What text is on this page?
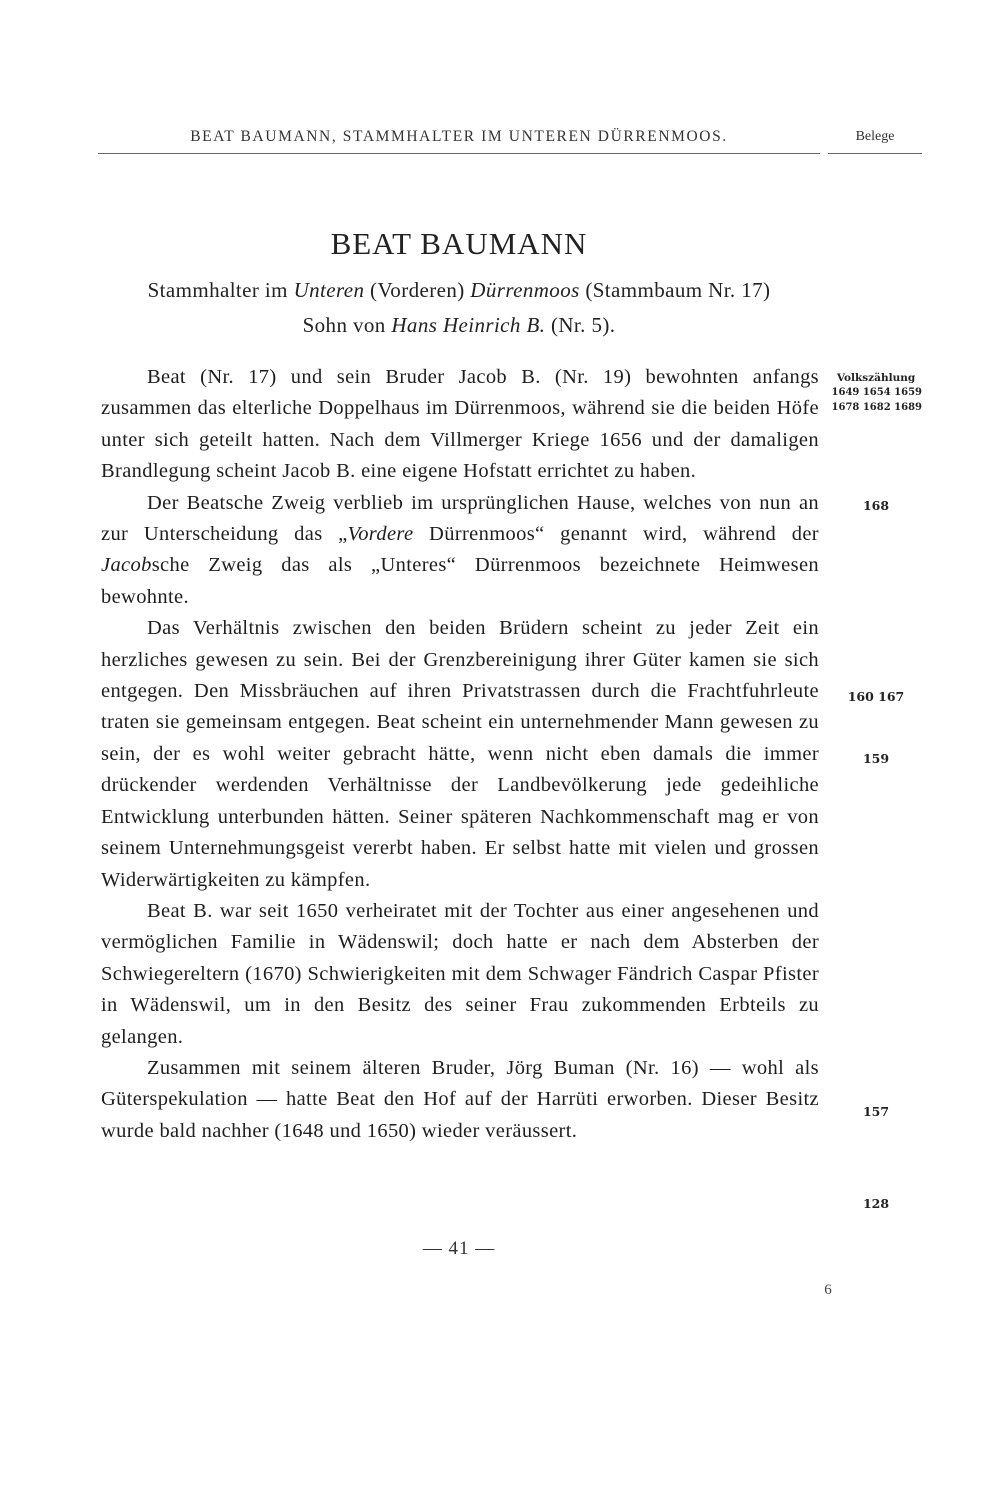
BEAT BAUMANN, STAMMHALTER IM UNTEREN DÜRRENMOOS.	Belege
BEAT BAUMANN
Stammhalter im Unteren (Vorderen) Dürrenmoos (Stammbaum Nr. 17)
Sohn von Hans Heinrich B. (Nr. 5).

Beat (Nr. 17) und sein Bruder Jacob B. (Nr. 19) bewohnten anfangs zusammen das elterliche Doppelhaus im Dürrenmoos, während sie die beiden Höfe unter sich geteilt hatten. Nach dem Villmerger Kriege 1656 und der damaligen Brandlegung scheint Jacob B. eine eigene Hofstatt errichtet zu haben.

Der Beatsche Zweig verblieb im ursprünglichen Hause, welches von nun an zur Unterscheidung das „Vordere Dürrenmoos“ genannt wird, während der Jacobsche Zweig das als „Unteres“ Dürrenmoos bezeichnete Heimwesen bewohnte.

Das Verhältnis zwischen den beiden Brüdern scheint zu jeder Zeit ein herzliches gewesen zu sein. Bei der Grenzbereinigung ihrer Güter kamen sie sich entgegen. Den Missbräuchen auf ihren Privatstrassen durch die Frachtfuhrleute traten sie gemeinsam entgegen. Beat scheint ein unternehmender Mann gewesen zu sein, der es wohl weiter gebracht hätte, wenn nicht eben damals die immer drückender werdenden Verhältnisse der Landbevölkerung jede gedeihliche Entwicklung unterbunden hätten. Seiner späteren Nachkommenschaft mag er von seinem Unternehmungsgeist vererbt haben. Er selbst hatte mit vielen und grossen Widerwärtigkeiten zu kämpfen.

Beat B. war seit 1650 verheiratet mit der Tochter aus einer angesehenen und vermöglichen Familie in Wädenswil; doch hatte er nach dem Absterben der Schwiegereltern (1670) Schwierigkeiten mit dem Schwager Fändrich Caspar Pfister in Wädenswil, um in den Besitz des seiner Frau zukommenden Erbteils zu gelangen.

Zusammen mit seinem älteren Bruder, Jörg Buman (Nr. 16) — wohl als Güterspekulation — hatte Beat den Hof auf der Harrüti erworben. Dieser Besitz wurde bald nachher (1648 und 1650) wieder veräussert.

Volkszählung
1649 1654 1659
1678 1682 1689
168
160 167
159
157
128
— 41 —
6
